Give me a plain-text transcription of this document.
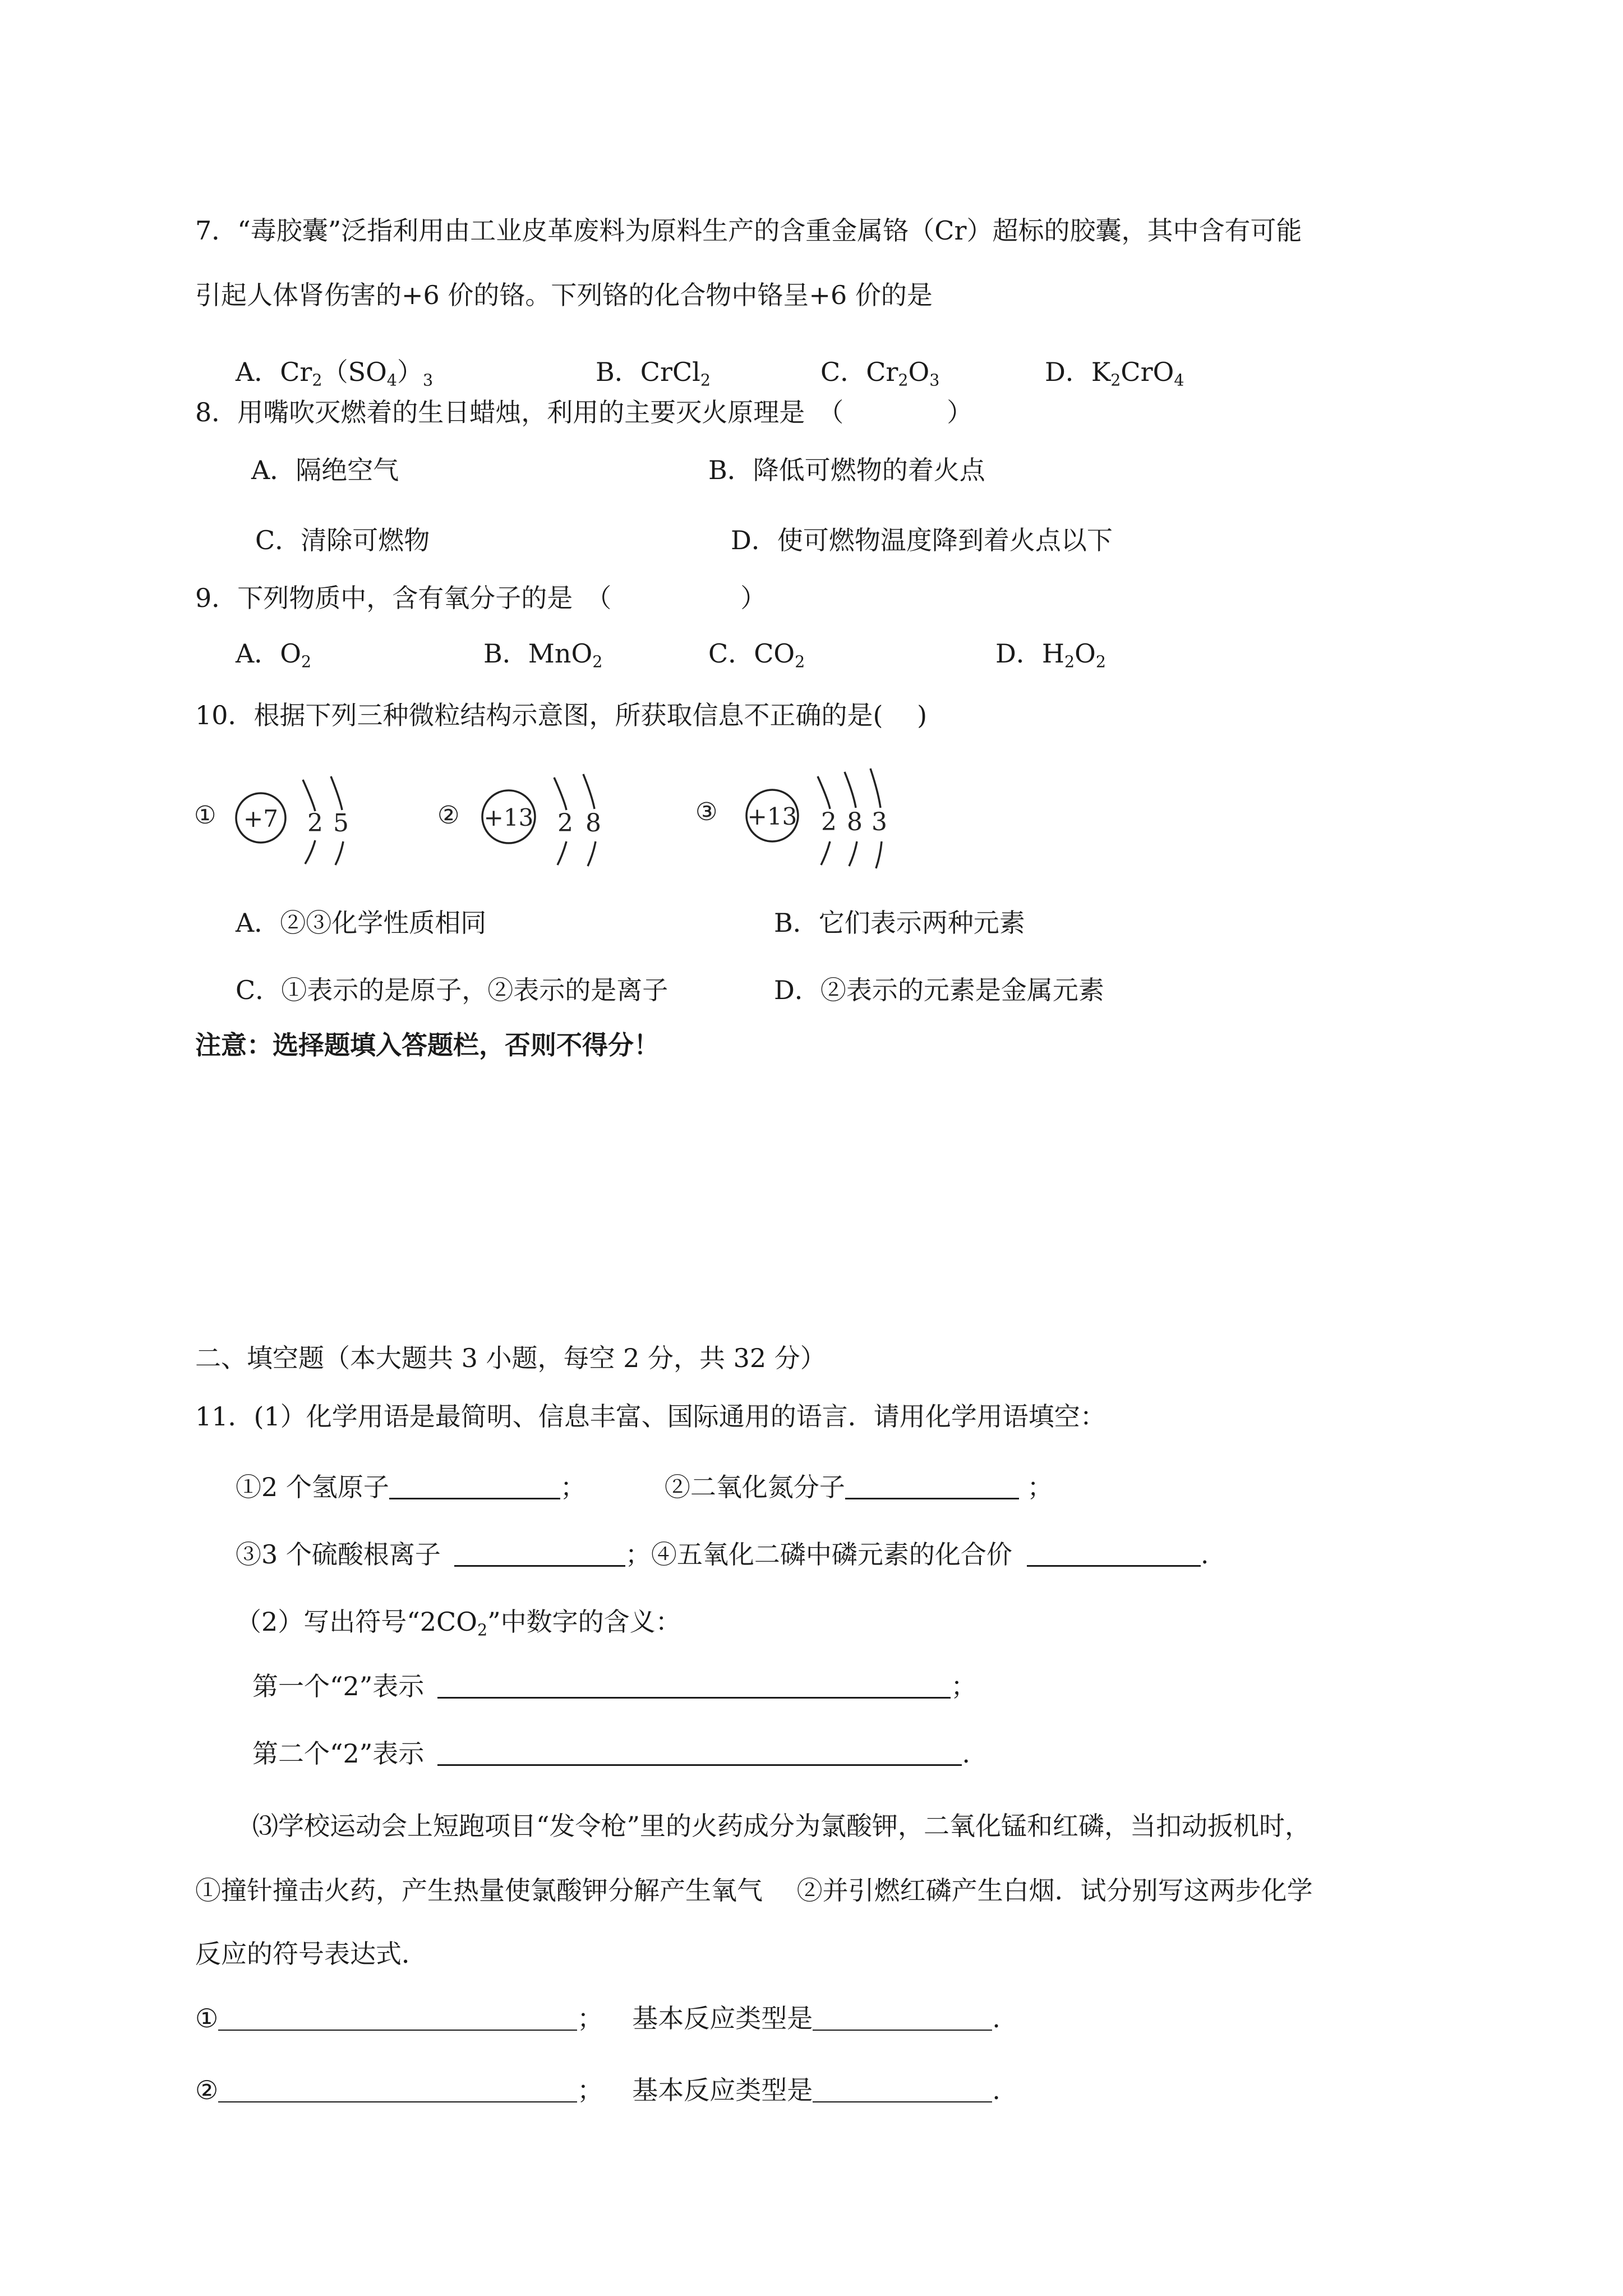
7．“毒胶囊”泛指利用由工业皮革废料为原料生产的含重金属铬（Cr）超标的胶囊，其中含有可能
引起人体肾伤害的+6 价的铬。下列铬的化合物中铬呈+6 价的是
A．$Cr_2(SO_4)_3$	B．CrCl$_2$	C．$Cr_2O_3$	D．$K_2CrO_4$
8．用嘴吹灭燃着的生日蜡烛，利用的主要灭火原理是　（　　　　）
A．隔绝空气	B．降低可燃物的着火点
C．清除可燃物	D．使可燃物温度降到着火点以下
9．下列物质中，含有氧分子的是　（　　　　　）
A．$O_2$	B．MnO$_2$	C．$CO_2$	D．$H_2O_2$
10．根据下列三种微粒结构示意图，所获取信息不正确的是(　 )
① +7 2 5	② +13 2 8	③ +13 2 8 3
A．②③化学性质相同	B．它们表示两种元素
C．①表示的是原子，②表示的是离子	D．②表示的元素是金属元素
注意：选择题填入答题栏，否则不得分！
二、填空题（本大题共 3 小题，每空 2 分，共 32 分）
11．(1）化学用语是最简明、信息丰富、国际通用的语言．请用化学用语填空：
①2 个氢原子	；	②二氧化氮分子	；
③3 个硫酸根离子	；④五氧化二磷中磷元素的化合价	.
（2）写出符号“$2CO_2$”中数字的含义：
第一个“2”表示	；
第二个“2”表示	.
⑶学校运动会上短跑项目“发令枪”里的火药成分为氯酸钾，二氧化锰和红磷，当扣动扳机时，
①撞针撞击火药，产生热量使氯酸钾分解产生氧气　 ②并引燃红磷产生白烟．试分别写这两步化学
反应的符号表达式．
①	； 基本反应类型是	.
②	； 基本反应类型是	.
